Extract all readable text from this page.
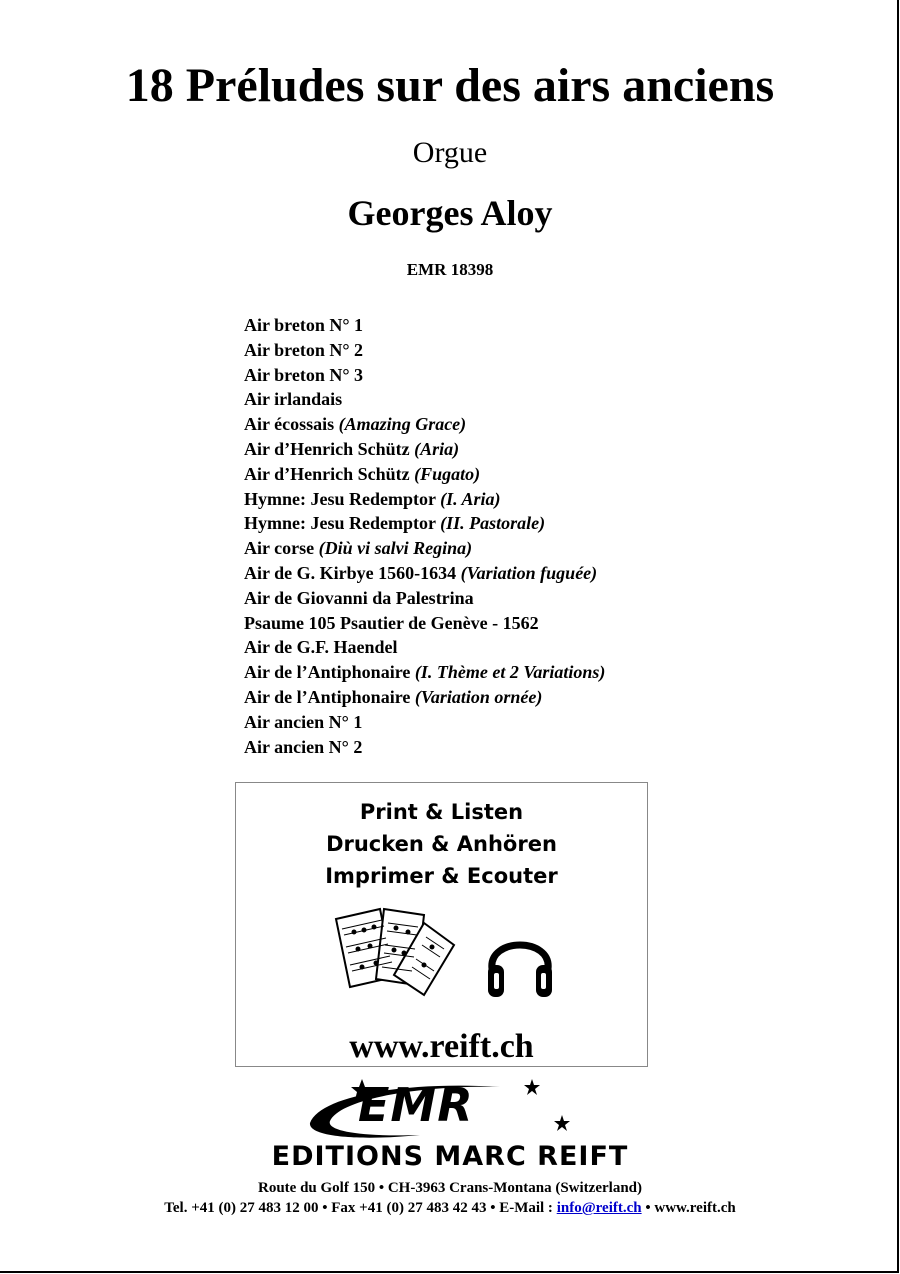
18 Préludes sur des airs anciens
Orgue
Georges Aloy
EMR 18398
Air breton N° 1
Air breton N° 2
Air breton N° 3
Air irlandais
Air écossais (Amazing Grace)
Air d’Henrich Schütz (Aria)
Air d’Henrich Schütz (Fugato)
Hymne: Jesu Redemptor (I. Aria)
Hymne: Jesu Redemptor (II. Pastorale)
Air corse (Diù vi salvi Regina)
Air de G. Kirbye 1560-1634 (Variation fuguée)
Air de Giovanni da Palestrina
Psaume 105 Psautier de Genève - 1562
Air de G.F. Haendel
Air de l’Antiphonaire (I. Thème et 2 Variations)
Air de l’Antiphonaire (Variation ornée)
Air ancien N° 1
Air ancien N° 2
Print & Listen
Drucken & Anhören
Imprimer & Ecouter
www.reift.ch
EMR
EDITIONS MARC REIFT
Route du Golf 150 • CH-3963 Crans-Montana (Switzerland)
Tel. +41 (0) 27 483 12 00 • Fax +41 (0) 27 483 42 43 • E-Mail : info@reift.ch • www.reift.ch
